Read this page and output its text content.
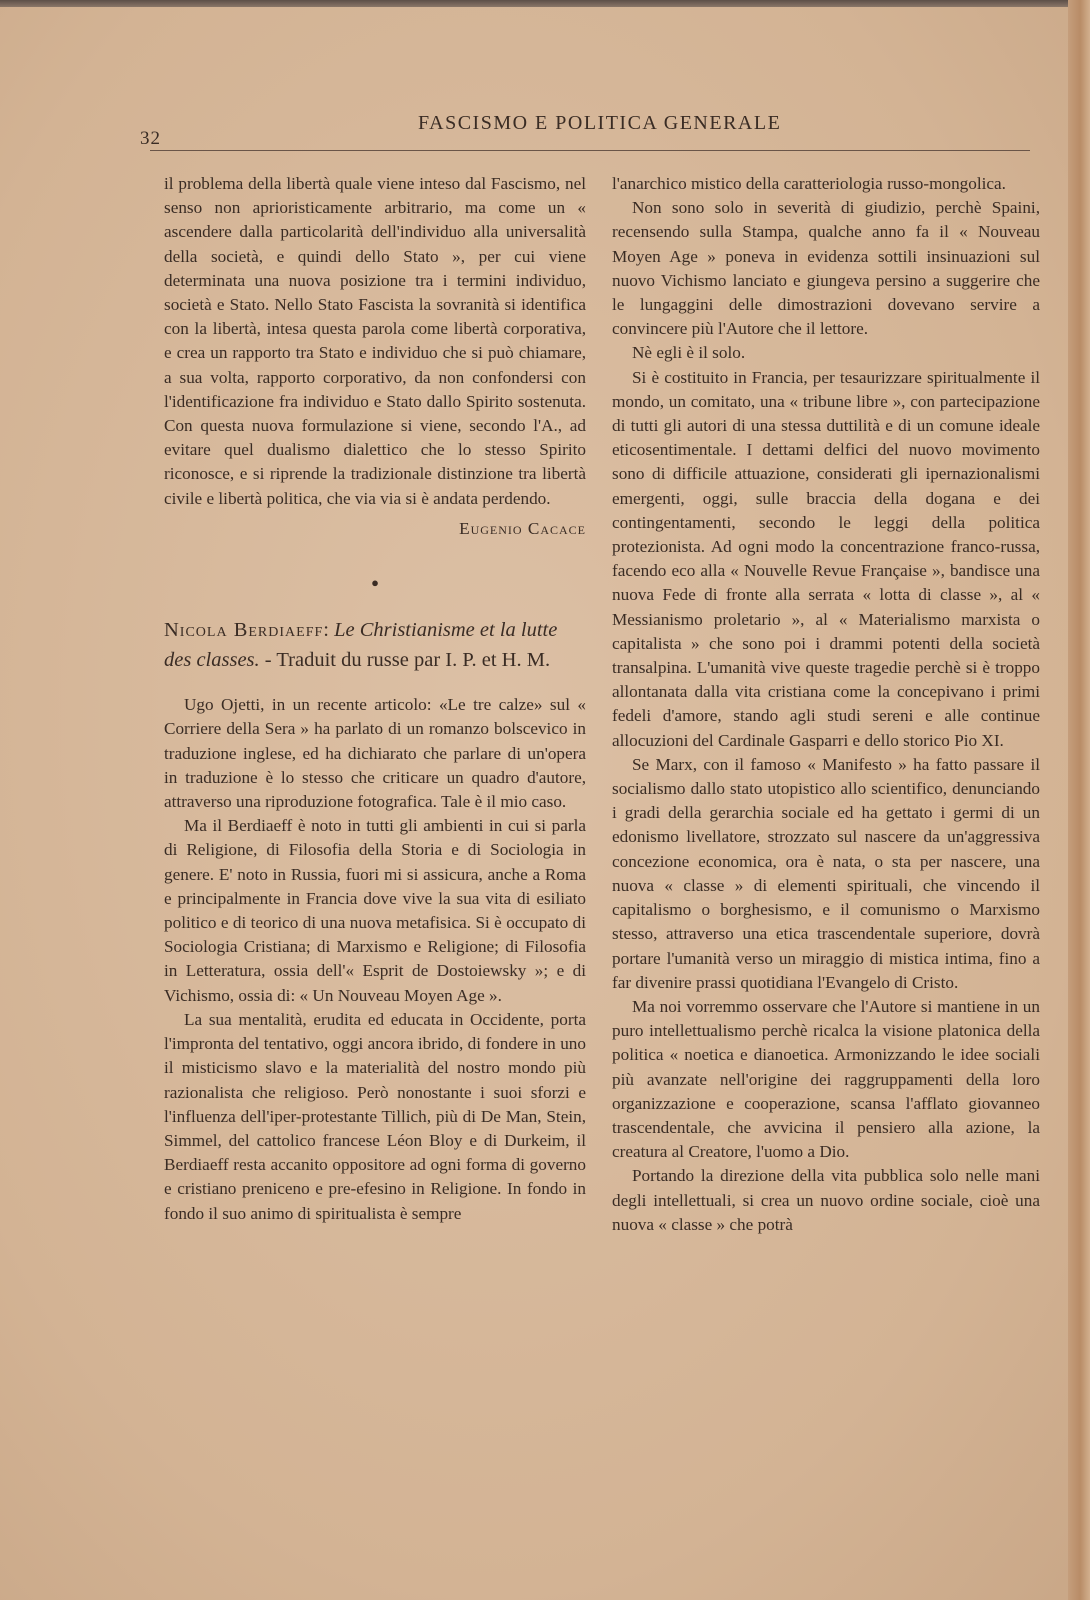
32
FASCISMO E POLITICA GENERALE

il problema della libertà quale viene inteso dal Fascismo, nel senso non aprioristicamente arbitrario, ma come un « ascendere dalla particolarità dell'individuo alla universalità della società, e quindi dello Stato », per cui viene determinata una nuova posizione tra i termini individuo, società e Stato. Nello Stato Fascista la sovranità si identifica con la libertà, intesa questa parola come libertà corporativa, e crea un rapporto tra Stato e individuo che si può chiamare, a sua volta, rapporto corporativo, da non confondersi con l'identificazione fra individuo e Stato dallo Spirito sostenuta. Con questa nuova formulazione si viene, secondo l'A., ad evitare quel dualismo dialettico che lo stesso Spirito riconosce, e si riprende la tradizionale distinzione tra libertà civile e libertà politica, che via via si è andata perdendo.

Eugenio Cacace

●

Nicola Berdiaeff: Le Christianisme et la lutte des classes. - Traduit du russe par I. P. et H. M.

Ugo Ojetti, in un recente articolo: «Le tre calze» sul « Corriere della Sera » ha parlato di un romanzo bolscevico in traduzione inglese, ed ha dichiarato che parlare di un'opera in traduzione è lo stesso che criticare un quadro d'autore, attraverso una riproduzione fotografica. Tale è il mio caso.

Ma il Berdiaeff è noto in tutti gli ambienti in cui si parla di Religione, di Filosofia della Storia e di Sociologia in genere. E' noto in Russia, fuori mi si assicura, anche a Roma e principalmente in Francia dove vive la sua vita di esiliato politico e di teorico di una nuova metafisica. Si è occupato di Sociologia Cristiana; di Marxismo e Religione; di Filosofia in Letteratura, ossia dell'« Esprit de Dostoiewsky »; e di Vichismo, ossia di: « Un Nouveau Moyen Age ».

La sua mentalità, erudita ed educata in Occidente, porta l'impronta del tentativo, oggi ancora ibrido, di fondere in uno il misticismo slavo e la materialità del nostro mondo più razionalista che religioso. Però nonostante i suoi sforzi e l'influenza dell'iper-protestante Tillich, più di De Man, Stein, Simmel, del cattolico francese Léon Bloy e di Durkeim, il Berdiaeff resta accanito oppositore ad ogni forma di governo e cristiano preniceno e pre-efesino in Religione. In fondo in fondo il suo animo di spiritualista è sempre

l'anarchico mistico della caratteriologia russo-mongolica.

Non sono solo in severità di giudizio, perchè Spaini, recensendo sulla Stampa, qualche anno fa il « Nouveau Moyen Age » poneva in evidenza sottili insinuazioni sul nuovo Vichismo lanciato e giungeva persino a suggerire che le lungaggini delle dimostrazioni dovevano servire a convincere più l'Autore che il lettore.

Nè egli è il solo.

Si è costituito in Francia, per tesaurizzare spiritualmente il mondo, un comitato, una « tribune libre », con partecipazione di tutti gli autori di una stessa duttilità e di un comune ideale eticosentimentale. I dettami delfici del nuovo movimento sono di difficile attuazione, considerati gli ipernazionalismi emergenti, oggi, sulle braccia della dogana e dei contingentamenti, secondo le leggi della politica protezionista. Ad ogni modo la concentrazione franco-russa, facendo eco alla « Nouvelle Revue Française », bandisce una nuova Fede di fronte alla serrata « lotta di classe », al « Messianismo proletario », al « Materialismo marxista o capitalista » che sono poi i drammi potenti della società transalpina. L'umanità vive queste tragedie perchè si è troppo allontanata dalla vita cristiana come la concepivano i primi fedeli d'amore, stando agli studi sereni e alle continue allocuzioni del Cardinale Gasparri e dello storico Pio XI.

Se Marx, con il famoso « Manifesto » ha fatto passare il socialismo dallo stato utopistico allo scientifico, denunciando i gradi della gerarchia sociale ed ha gettato i germi di un edonismo livellatore, strozzato sul nascere da un'aggressiva concezione economica, ora è nata, o sta per nascere, una nuova « classe » di elementi spirituali, che vincendo il capitalismo o borghesismo, e il comunismo o Marxismo stesso, attraverso una etica trascendentale superiore, dovrà portare l'umanità verso un miraggio di mistica intima, fino a far divenire prassi quotidiana l'Evangelo di Cristo.

Ma noi vorremmo osservare che l'Autore si mantiene in un puro intellettualismo perchè ricalca la visione platonica della politica « noetica e dianoetica. Armonizzando le idee sociali più avanzate nell'origine dei raggruppamenti della loro organizzazione e cooperazione, scansa l'afflato giovanneo trascendentale, che avvicina il pensiero alla azione, la creatura al Creatore, l'uomo a Dio.

Portando la direzione della vita pubblica solo nelle mani degli intellettuali, si crea un nuovo ordine sociale, cioè una nuova « classe » che potrà
